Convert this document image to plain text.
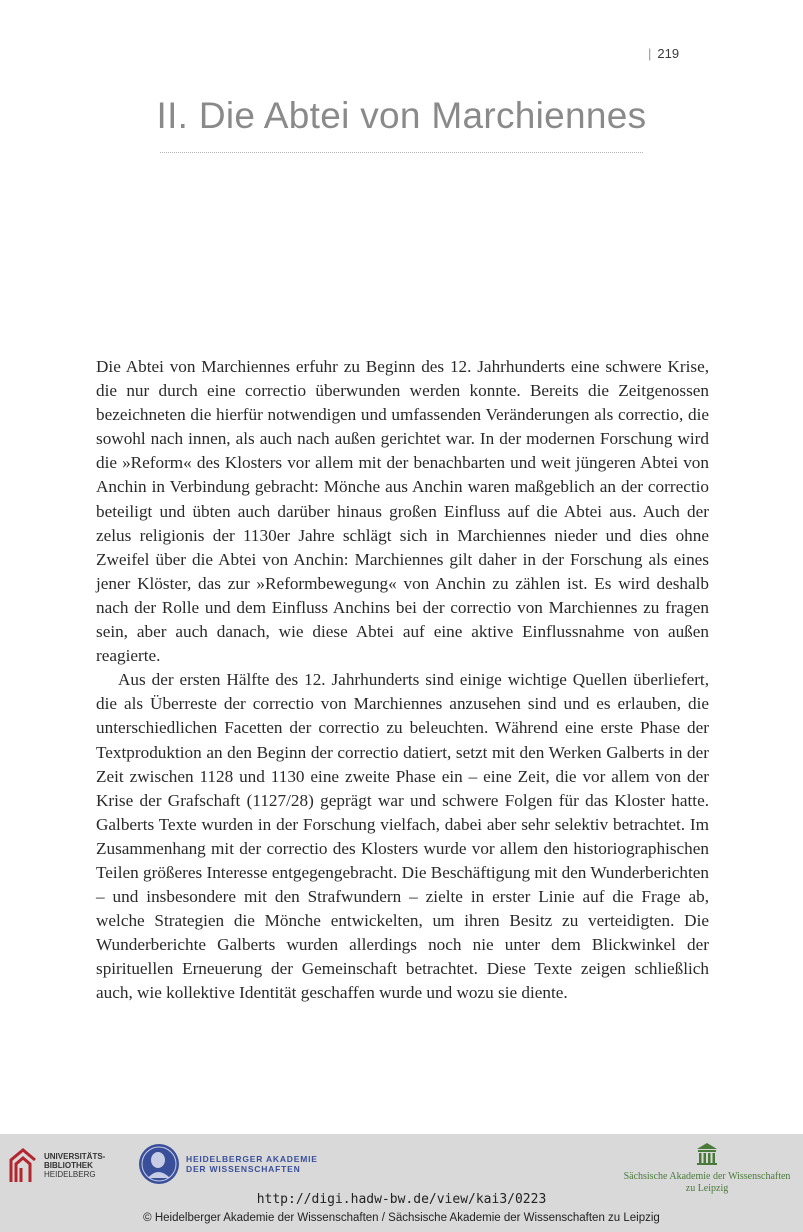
| 219
II. Die Abtei von Marchiennes

Die Abtei von Marchiennes erfuhr zu Beginn des 12. Jahrhunderts eine schwere Krise, die nur durch eine correctio überwunden werden konnte. Bereits die Zeitgenossen bezeichneten die hierfür notwendigen und umfassenden Veränderungen als correctio, die sowohl nach innen, als auch nach außen gerichtet war. In der modernen Forschung wird die »Reform« des Klosters vor allem mit der benachbarten und weit jüngeren Abtei von Anchin in Verbindung gebracht: Mönche aus Anchin waren maßgeblich an der correctio beteiligt und übten auch darüber hinaus großen Einfluss auf die Abtei aus. Auch der zelus religionis der 1130er Jahre schlägt sich in Marchiennes nieder und dies ohne Zweifel über die Abtei von Anchin: Marchiennes gilt daher in der Forschung als eines jener Klöster, das zur »Reformbewegung« von Anchin zu zählen ist. Es wird deshalb nach der Rolle und dem Einfluss Anchins bei der correctio von Marchiennes zu fragen sein, aber auch danach, wie diese Abtei auf eine aktive Einflussnahme von außen reagierte.

Aus der ersten Hälfte des 12. Jahrhunderts sind einige wichtige Quellen überliefert, die als Überreste der correctio von Marchiennes anzusehen sind und es erlauben, die unterschiedlichen Facetten der correctio zu beleuchten. Während eine erste Phase der Textproduktion an den Beginn der correctio datiert, setzt mit den Werken Galberts in der Zeit zwischen 1128 und 1130 eine zweite Phase ein – eine Zeit, die vor allem von der Krise der Grafschaft (1127/28) geprägt war und schwere Folgen für das Kloster hatte. Galberts Texte wurden in der Forschung vielfach, dabei aber sehr selektiv betrachtet. Im Zusammenhang mit der correctio des Klosters wurde vor allem den historiographischen Teilen größeres Interesse entgegengebracht. Die Beschäftigung mit den Wunderberichten – und insbesondere mit den Strafwundern – zielte in erster Linie auf die Frage ab, welche Strategien die Mönche entwickelten, um ihren Besitz zu verteidigten. Die Wunderberichte Galberts wurden allerdings noch nie unter dem Blickwinkel der spirituellen Erneuerung der Gemeinschaft betrachtet. Diese Texte zeigen schließlich auch, wie kollektive Identität geschaffen wurde und wozu sie diente.

UNIVERSITÄTS-
BIBLIOTHEK
HEIDELBERG
HEIDELBERGER AKADEMIE
DER WISSENSCHAFTEN
Sächsische Akademie der Wissenschaften
zu Leipzig
http://digi.hadw-bw.de/view/kai3/0223
© Heidelberger Akademie der Wissenschaften / Sächsische Akademie der Wissenschaften zu Leipzig
